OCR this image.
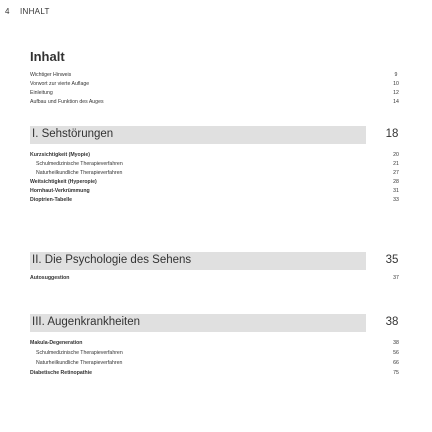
4 INHALT
Inhalt
Wichtiger Hinweis	9
Vorwort zur vierte Auflage	10
Einleitung	12
Aufbau und Funktion des Auges	14
I. Sehstörungen	18
Kurzsichtigkeit (Myopie)	20
Schulmedizinische Therapieverfahren	21
Naturheilkundliche Therapieverfahren	27
Weitsichtigkeit (Hyperopie)	28
Hornhaut-Verkrümmung	31
Dioptrien-Tabelle	33
II. Die Psychologie des Sehens	35
Autosuggestion	37
III. Augenkrankheiten	38
Makula-Degeneration	38
Schulmedizinische Therapieverfahren	56
Naturheilkundliche Therapieverfahren	66
Diabetische Retinopathie	75
